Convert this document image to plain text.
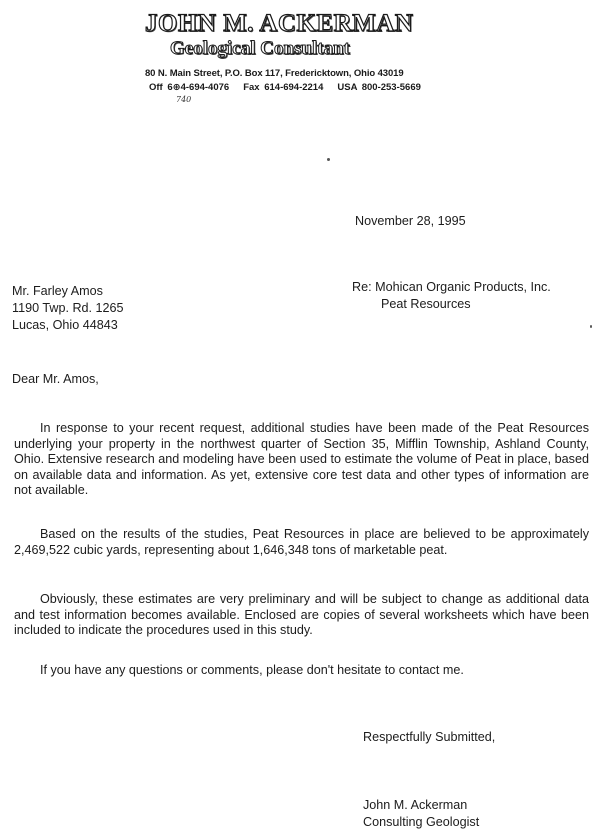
JOHN M. ACKERMAN
Geological Consultant
80 N. Main Street, P.O. Box 117, Fredericktown, Ohio 43019
Off 6⊕4-694-4076 Fax 614-694-2214 USA 800-253-5669
740
November 28, 1995
Mr. Farley Amos
1190 Twp. Rd. 1265
Lucas, Ohio 44843
Re: Mohican Organic Products, Inc.
Peat Resources
Dear Mr. Amos,
In response to your recent request, additional studies have been made of the Peat Resources underlying your property in the northwest quarter of Section 35, Mifflin Township, Ashland County, Ohio. Extensive research and modeling have been used to estimate the volume of Peat in place, based on available data and information. As yet, extensive core test data and other types of information are not available.
Based on the results of the studies, Peat Resources in place are believed to be approximately 2,469,522 cubic yards, representing about 1,646,348 tons of marketable peat.
Obviously, these estimates are very preliminary and will be subject to change as additional data and test information becomes available. Enclosed are copies of several worksheets which have been included to indicate the procedures used in this study.
If you have any questions or comments, please don't hesitate to contact me.
Respectfully Submitted,
John M. Ackerman
Consulting Geologist
